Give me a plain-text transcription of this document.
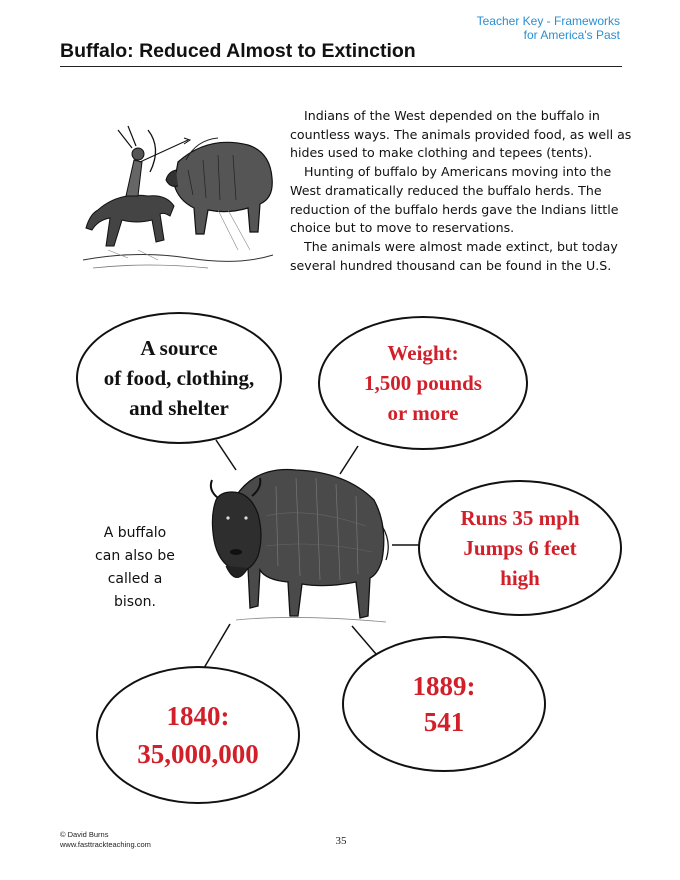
Teacher Key - Frameworks
for America's Past
Buffalo: Reduced Almost to Extinction

Indians of the West depended on the buffalo in countless ways. The animals provided food, as well as hides used to make clothing and tepees (tents).

Hunting of buffalo by Americans moving into the West dramatically reduced the buffalo herds. The reduction of the buffalo herds gave the Indians little choice but to move to reservations.

The animals were almost made extinct, but today several hundred thousand can be found in the U.S.

A source
of food, clothing,
and shelter
Weight:
1,500 pounds
or more
Runs 35 mph
Jumps 6 feet
high
1840:
35,000,000
1889:
541
A buffalo can also be called a bison.
© David Burns
www.fasttrackteaching.com	35
